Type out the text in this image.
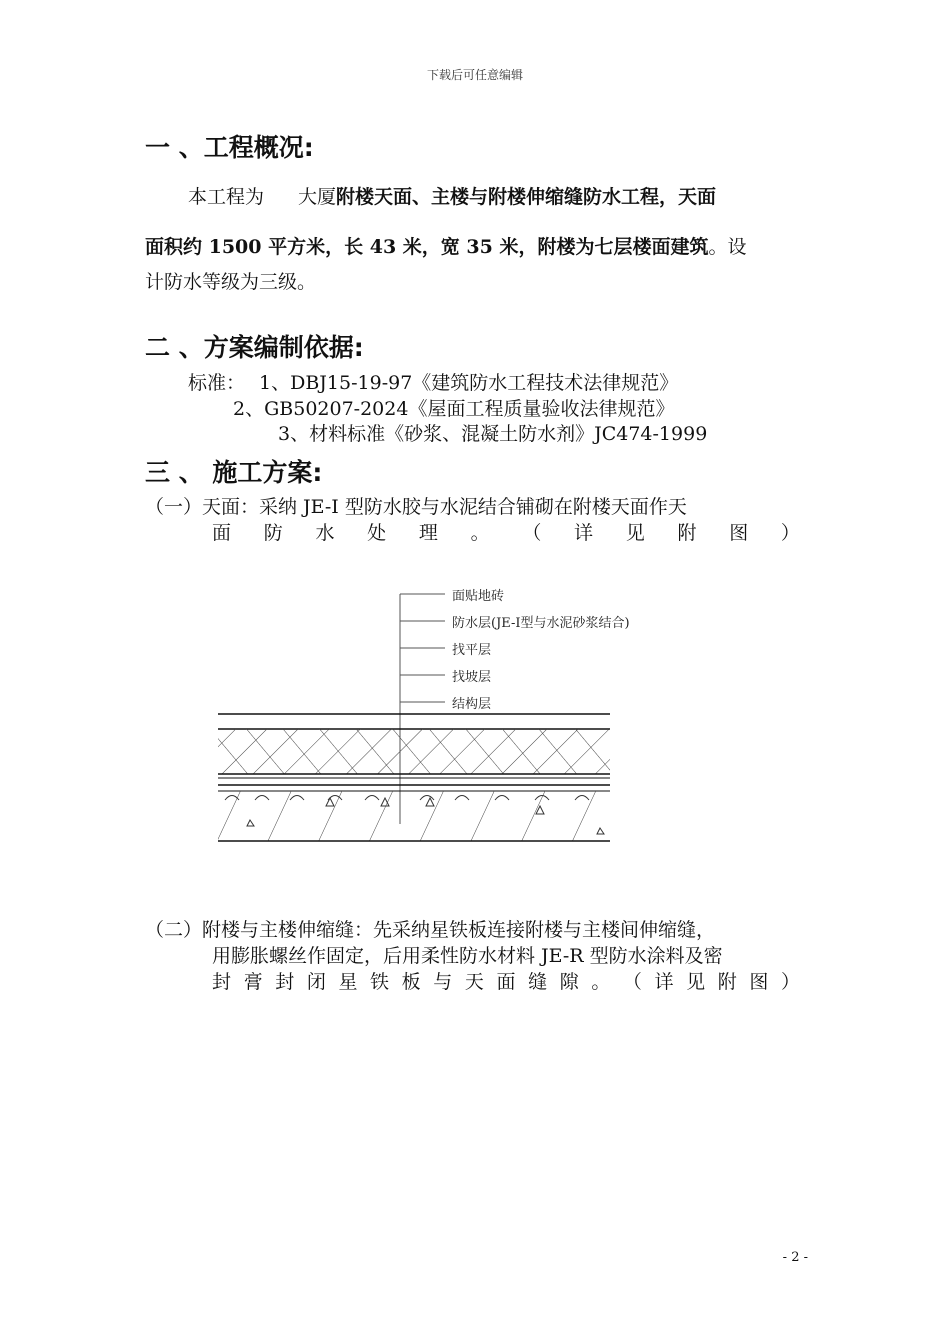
下载后可任意编辑
一 、工程概况:
本工程为 大厦附楼天面、主楼与附楼伸缩缝防水工程，天面
面积约 1500 平方米，长 43 米，宽 35 米，附楼为七层楼面建筑。设
计防水等级为三级。
二 、方案编制依据:
标准： 1、DBJ15-19-97《建筑防水工程技术法律规范》
2、GB50207-2024《屋面工程质量验收法律规范》
3、材料标准《砂浆、混凝土防水剂》JC474-1999
三 、 施工方案:
（一）天面：采纳 JE-Ⅰ 型防水胶与水泥结合铺砌在附楼天面作天
面 防 水 处 理 。 （ 详 见 附 图 ）
面贴地砖
防水层(JE-Ⅰ型与水泥砂浆结合)
找平层
找坡层
结构层
（二）附楼与主楼伸缩缝：先采纳星铁板连接附楼与主楼间伸缩缝，
用膨胀螺丝作固定，后用柔性防水材料 JE-R 型防水涂料及密
封 膏 封 闭 星 铁 板 与 天 面 缝 隙 。 （ 详 见 附 图 ）
- 2 -
